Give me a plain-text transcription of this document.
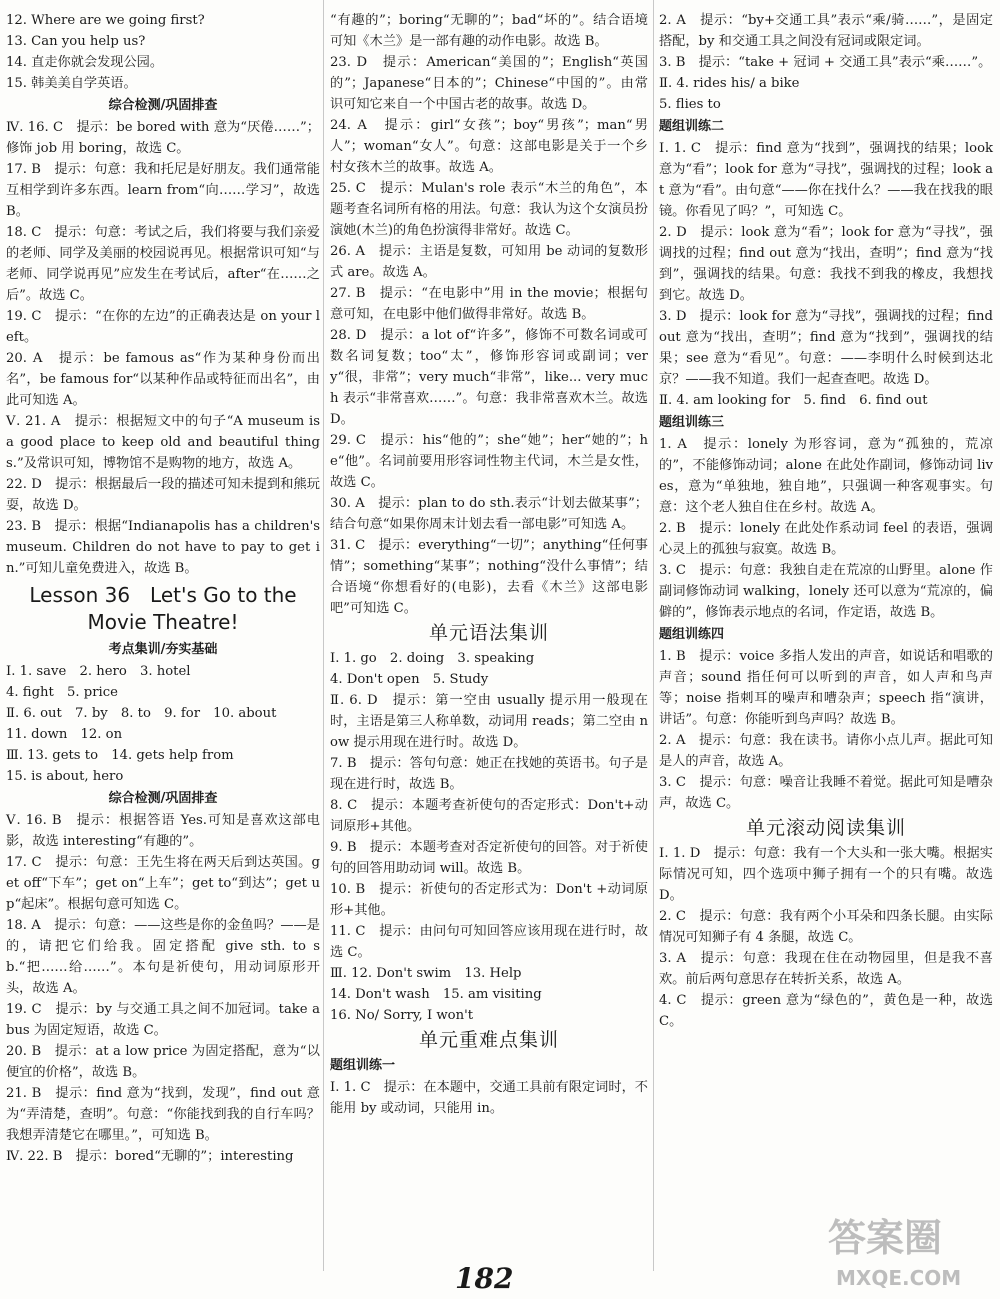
12. Where are we going first?
13. Can you help us?
14. 直走你就会发现公园。
15. 韩美美自学英语。
综合检测/巩固排查
Ⅳ. 16. C　提示：be bored with 意为“厌倦……”；修饰 job 用 boring，故选 C。
17. B　提示：句意：我和托尼是好朋友。我们通常能互相学到许多东西。learn from“向……学习”，故选 B。
18. C　提示：句意：考试之后，我们将要与我们亲爱的老师、同学及美丽的校园说再见。根据常识可知“与老师、同学说再见”应发生在考试后，after“在……之后”。故选 C。
19. C　提示：“在你的左边”的正确表达是 on your left。
20. A　提示：be famous as“作为某种身份而出名”，be famous for“以某种作品或特征而出名”，由此可知选 A。
Ⅴ. 21. A　提示：根据短文中的句子“A museum is a good place to keep old and beautiful things.”及常识可知，博物馆不是购物的地方，故选 A。
22. D　提示：根据最后一段的描述可知未提到和熊玩耍，故选 D。
23. B　提示：根据“Indianapolis has a children's museum. Children do not have to pay to get in.”可知儿童免费进入，故选 B。
Lesson 36　Let's Go to the Movie Theatre!
考点集训/夯实基础
Ⅰ. 1. save　2. hero　3. hotel
4. fight　5. price
Ⅱ. 6. out　7. by　8. to　9. for　10. about
11. down　12. on
Ⅲ. 13. gets to　14. gets help from
15. is about, hero
综合检测/巩固排查
Ⅴ. 16. B　提示：根据答语 Yes.可知是喜欢这部电影，故选 interesting“有趣的”。
17. C　提示：句意：王先生将在两天后到达英国。get off“下车”；get on“上车”；get to“到达”；get up“起床”。根据句意可知选 C。
18. A　提示：句意：——这些是你的金鱼吗？——是的，请把它们给我。固定搭配 give sth. to sb.“把……给……”。本句是祈使句，用动词原形开头，故选 A。
19. C　提示：by 与交通工具之间不加冠词。take a bus 为固定短语，故选 C。
20. B　提示：at a low price 为固定搭配，意为“以便宜的价格”，故选 B。
21. B　提示：find 意为“找到，发现”，find out 意为“弄清楚，查明”。句意：“你能找到我的自行车吗？我想弄清楚它在哪里。”，可知选 B。
Ⅳ. 22. B　提示：bored“无聊的”；interesting
“有趣的”；boring“无聊的”；bad“坏的”。结合语境可知《木兰》是一部有趣的动作电影。故选 B。
23. D　提示：American“美国的”；English“英国的”；Japanese“日本的”；Chinese“中国的”。由常识可知它来自一个中国古老的故事。故选 D。
24. A　提示：girl“女孩”；boy“男孩”；man“男人”；woman“女人”。句意：这部电影是关于一个乡村女孩木兰的故事。故选 A。
25. C　提示：Mulan's role 表示“木兰的角色”，本题考查名词所有格的用法。句意：我认为这个女演员扮演她(木兰)的角色扮演得非常好。故选 C。
26. A　提示：主语是复数，可知用 be 动词的复数形式 are。故选 A。
27. B　提示：“在电影中”用 in the movie；根据句意可知，在电影中他们做得非常好。故选 B。
28. D　提示：a lot of“许多”，修饰不可数名词或可数名词复数；too“太”，修饰形容词或副词；very“很，非常”；very much“非常”，like... very much 表示“非常喜欢……”。句意：我非常喜欢木兰。故选 D。
29. C　提示：his“他的”；she“她”；her“她的”；he“他”。名词前要用形容词性物主代词，木兰是女性，故选 C。
30. A　提示：plan to do sth.表示“计划去做某事”；结合句意“如果你周末计划去看一部电影”可知选 A。
31. C　提示：everything“一切”；anything“任何事情”；something“某事”；nothing“没什么事情”；结合语境“你想看好的(电影)，去看《木兰》这部电影吧”可知选 C。
单元语法集训
Ⅰ. 1. go　2. doing　3. speaking
4. Don't open　5. Study
Ⅱ. 6. D　提示：第一空由 usually 提示用一般现在时，主语是第三人称单数，动词用 reads；第二空由 now 提示用现在进行时。故选 D。
7. B　提示：答句句意：她正在找她的英语书。句子是现在进行时，故选 B。
8. C　提示：本题考查祈使句的否定形式：Don't+动词原形+其他。
9. B　提示：本题考查对否定祈使句的回答。对于祈使句的回答用助动词 will。故选 B。
10. B　提示：祈使句的否定形式为：Don't +动词原形+其他。
11. C　提示：由问句可知回答应该用现在进行时，故选 C。
Ⅲ. 12. Don't swim　13. Help
14. Don't wash　15. am visiting
16. No/ Sorry, I won't
单元重难点集训
题组训练一
Ⅰ. 1. C　提示：在本题中，交通工具前有限定词时，不能用 by 或动词，只能用 in。
2. A　提示：“by+交通工具”表示“乘/骑……”，是固定搭配，by 和交通工具之间没有冠词或限定词。
3. B　提示：“take + 冠词 + 交通工具”表示“乘……”。
Ⅱ. 4. rides his/ a bike
5. flies to
题组训练二
Ⅰ. 1. C　提示：find 意为“找到”，强调找的结果；look 意为“看”；look for 意为“寻找”，强调找的过程；look at 意为“看”。由句意“——你在找什么？——我在找我的眼镜。你看见了吗？”，可知选 C。
2. D　提示：look 意为“看”；look for 意为“寻找”，强调找的过程；find out 意为“找出，查明”；find 意为“找到”，强调找的结果。句意：我找不到我的橡皮，我想找到它。故选 D。
3. D　提示：look for 意为“寻找”，强调找的过程；find out 意为“找出，查明”；find 意为“找到”，强调找的结果；see 意为“看见”。句意：——李明什么时候到达北京？——我不知道。我们一起查查吧。故选 D。
Ⅱ. 4. am looking for　5. find　6. find out
题组训练三
1. A　提示：lonely 为形容词，意为“孤独的，荒凉的”，不能修饰动词；alone 在此处作副词，修饰动词 lives，意为“单独地，独自地”，只强调一种客观事实。句意：这个老人独自住在乡村。故选 A。
2. B　提示：lonely 在此处作系动词 feel 的表语，强调心灵上的孤独与寂寞。故选 B。
3. C　提示：句意：我独自走在荒凉的山野里。alone 作副词修饰动词 walking，lonely 还可以意为“荒凉的，偏僻的”，修饰表示地点的名词，作定语，故选 B。
题组训练四
1. B　提示：voice 多指人发出的声音，如说话和唱歌的声音；sound 指任何可以听到的声音，如人声和鸟声等；noise 指刺耳的噪声和嘈杂声；speech 指“演讲，讲话”。句意：你能听到鸟声吗？故选 B。
2. A　提示：句意：我在读书。请你小点儿声。据此可知是人的声音，故选 A。
3. C　提示：句意：噪音让我睡不着觉。据此可知是嘈杂声，故选 C。
单元滚动阅读集训
Ⅰ. 1. D　提示：句意：我有一个大头和一张大嘴。根据实际情况可知，四个选项中狮子拥有一个的只有嘴。故选 D。
2. C　提示：句意：我有两个小耳朵和四条长腿。由实际情况可知狮子有 4 条腿，故选 C。
3. A　提示：句意：我现在住在动物园里，但是我不喜欢。前后两句意思存在转折关系，故选 A。
4. C　提示：green 意为“绿色的”，黄色是一种，故选 C。
182
答案圈
MXQE.COM
